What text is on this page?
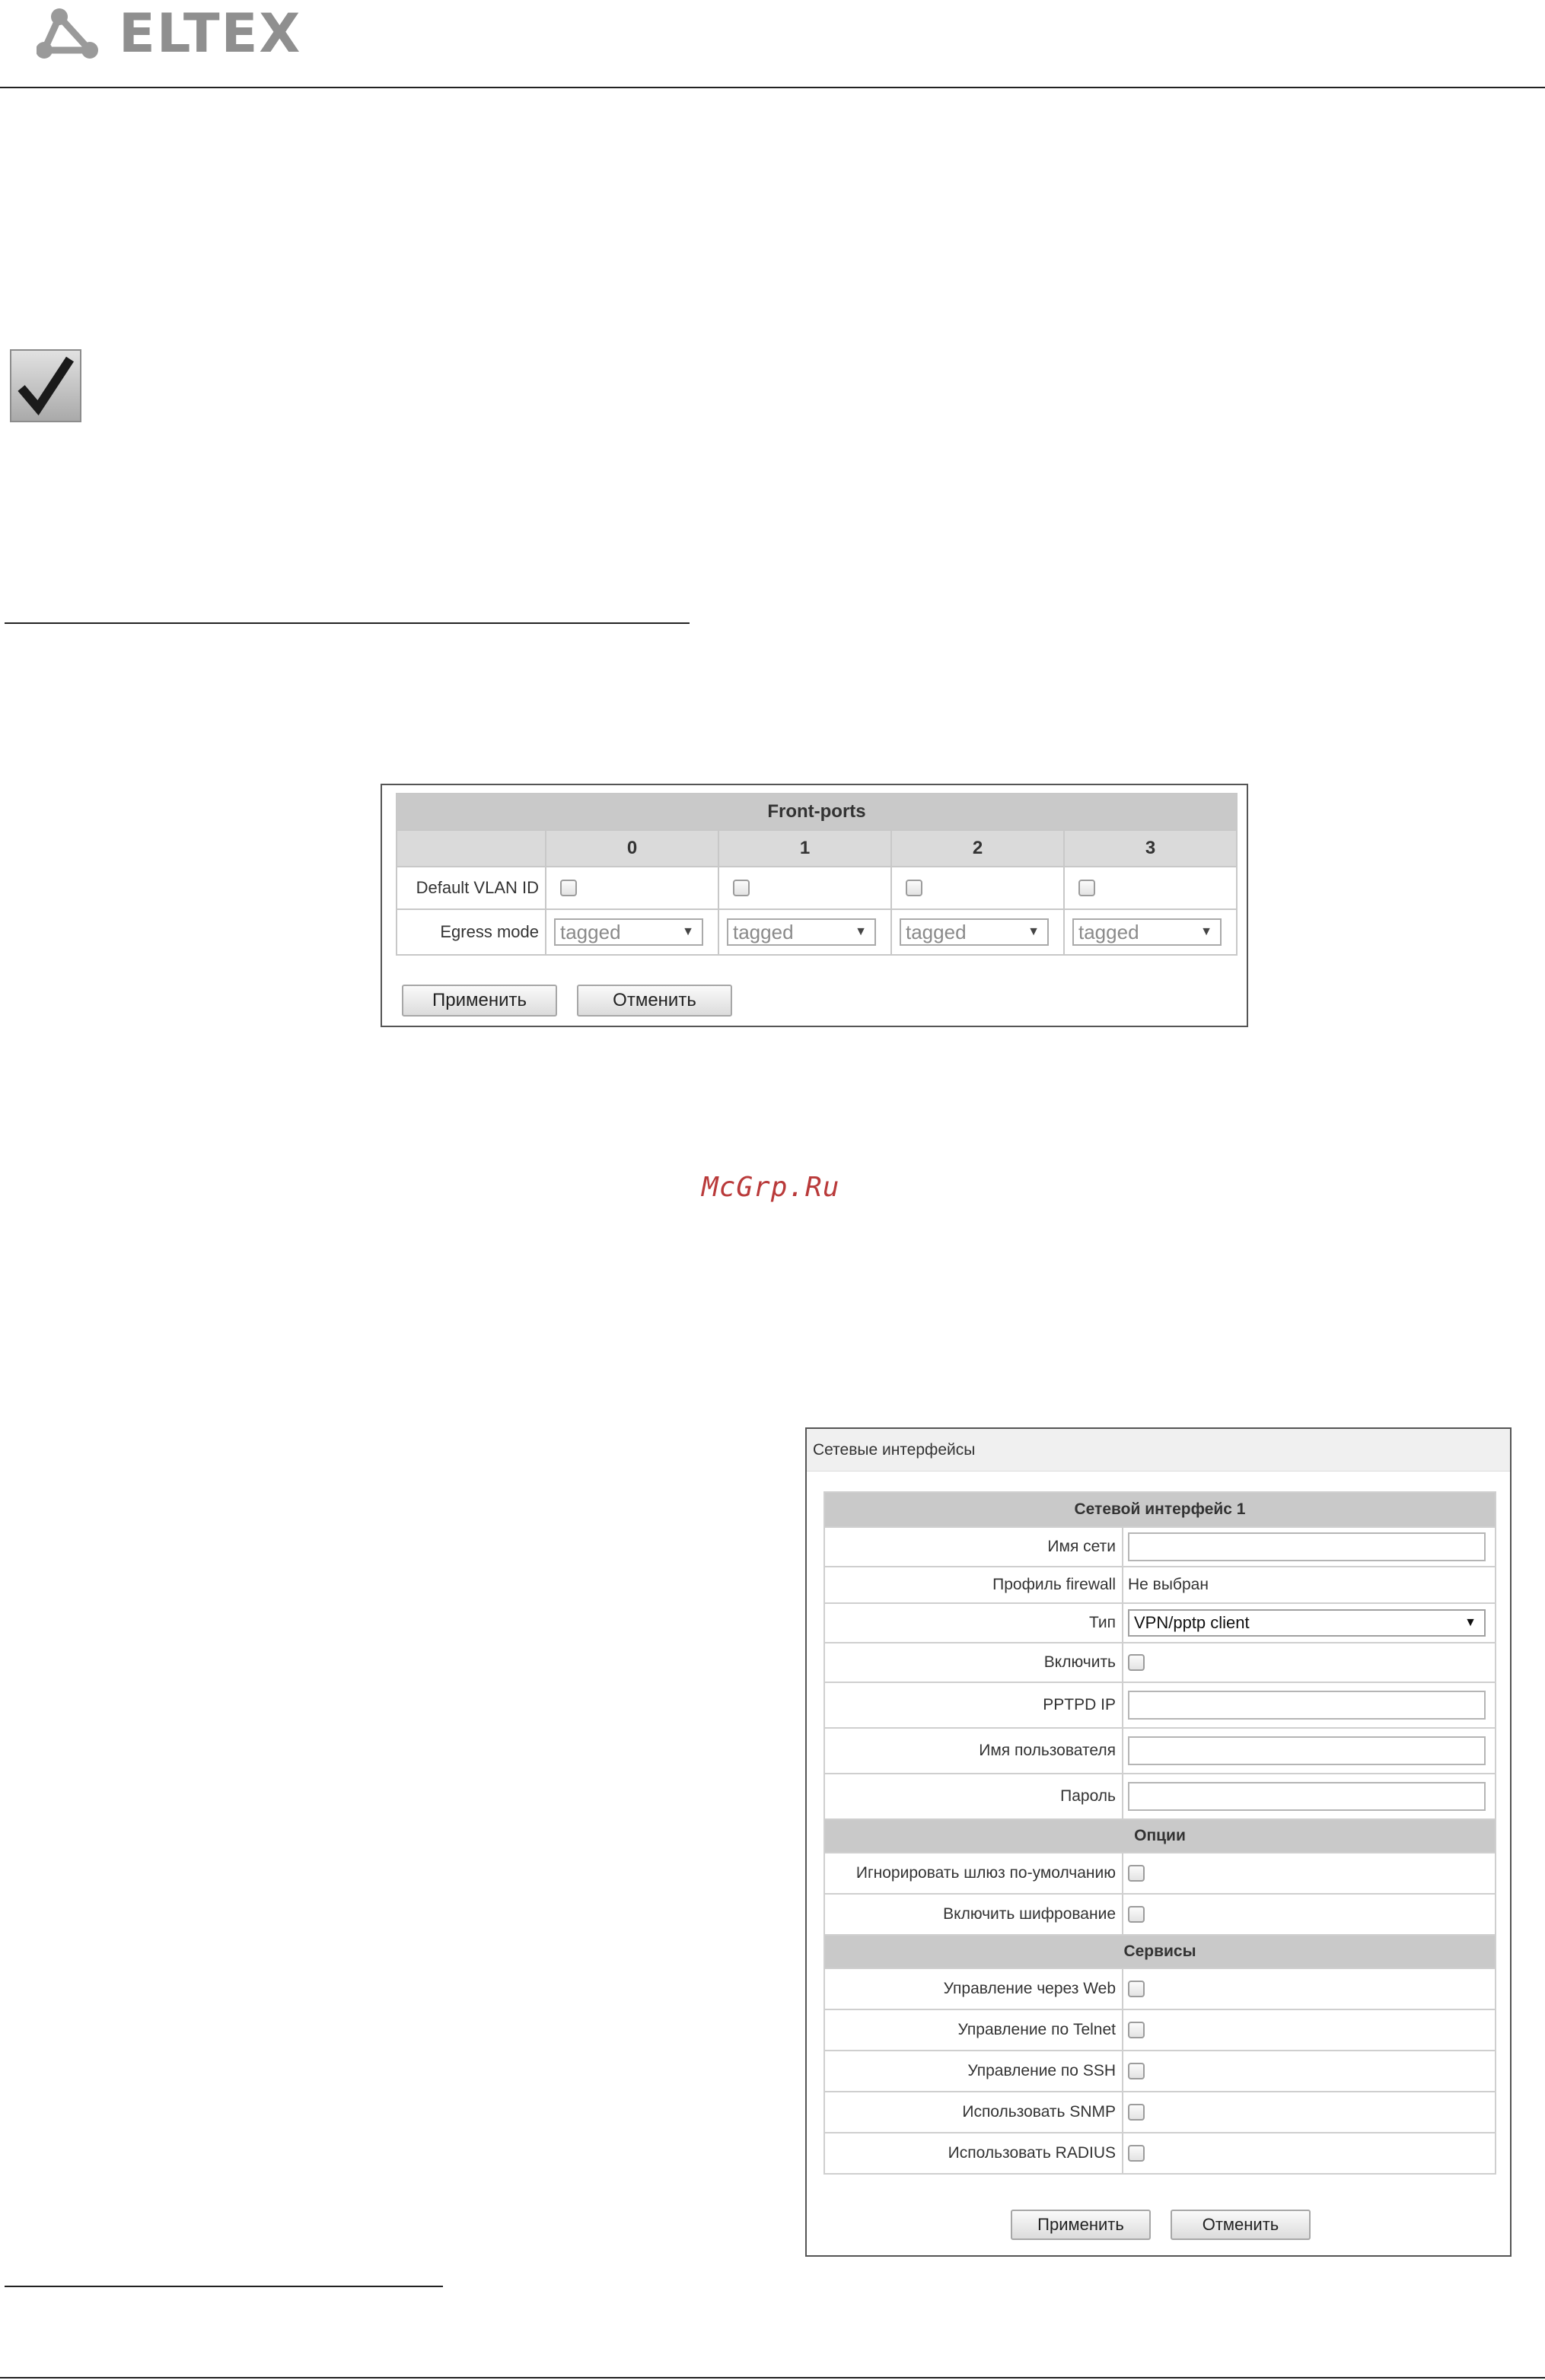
ELTEX
Front-ports				
	0	1	2	3
Default VLAN ID				
Egress mode	tagged ▼	tagged ▼	tagged ▼	tagged ▼
Применить	Отменить
McGrp.Ru
Сетевые интерфейсы
Сетевой интерфейс 1	
Имя сети	
Профиль firewall	Не выбран
Тип	VPN/pptp client ▼

Включить	
PPTPD IP	
Имя пользователя	
Пароль	
Опции	
Игнорировать шлюз по-умолчанию	
Включить шифрование	
Сервисы	
Управление через Web	
Управление по Telnet	
Управление по SSH	
Использовать SNMP	
Использовать RADIUS	
Применить	Отменить
